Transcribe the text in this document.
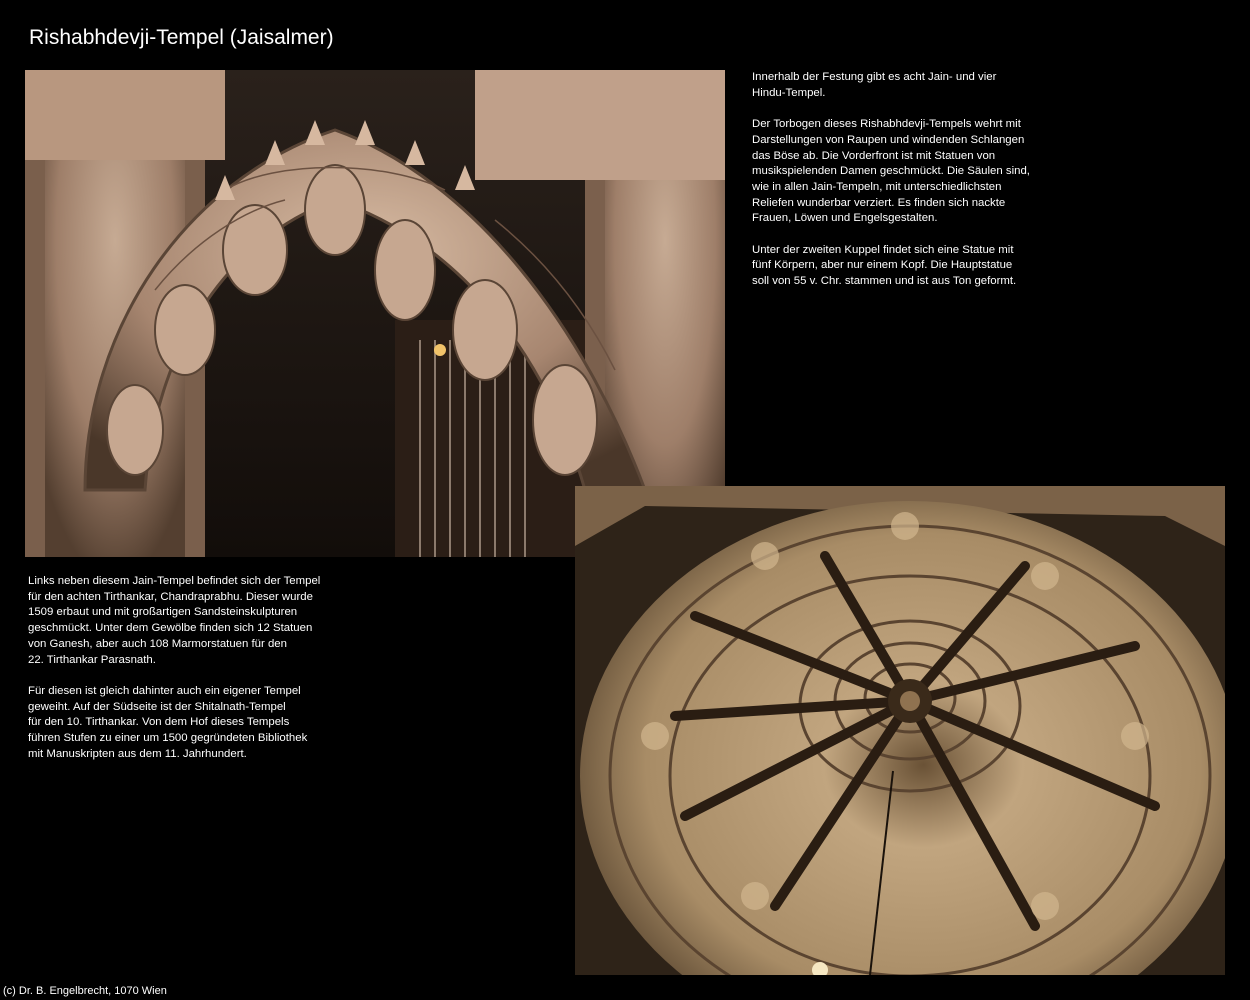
Rishabhdevji-Tempel (Jaisalmer)

Innerhalb der Festung gibt es acht Jain- und vier
Hindu-Tempel.

Der Torbogen dieses Rishabhdevji-Tempels wehrt mit
Darstellungen von Raupen und windenden Schlangen
das Böse ab. Die Vorderfront ist mit Statuen von
musikspielenden Damen geschmückt. Die Säulen sind,
wie in allen Jain-Tempeln, mit unterschiedlichsten
Reliefen wunderbar verziert. Es finden sich nackte
Frauen, Löwen und Engelsgestalten.

Unter der zweiten Kuppel findet sich eine Statue mit
fünf Körpern, aber nur einem Kopf. Die Hauptstatue
soll von 55 v. Chr. stammen und ist aus Ton geformt.

Links neben diesem Jain-Tempel befindet sich der Tempel
für den achten Tirthankar, Chandraprabhu. Dieser wurde
1509 erbaut und mit großartigen Sandsteinskulpturen
geschmückt. Unter dem Gewölbe finden sich 12 Statuen
von Ganesh, aber auch 108 Marmorstatuen für den
22. Tirthankar Parasnath.

Für diesen ist gleich dahinter auch ein eigener Tempel
geweiht. Auf der Südseite ist der Shitalnath-Tempel
für den 10. Tirthankar. Von dem Hof dieses Tempels
führen Stufen zu einer um 1500 gegründeten Bibliothek
mit Manuskripten aus dem 11. Jahrhundert.

(c) Dr. B. Engelbrecht, 1070 Wien
